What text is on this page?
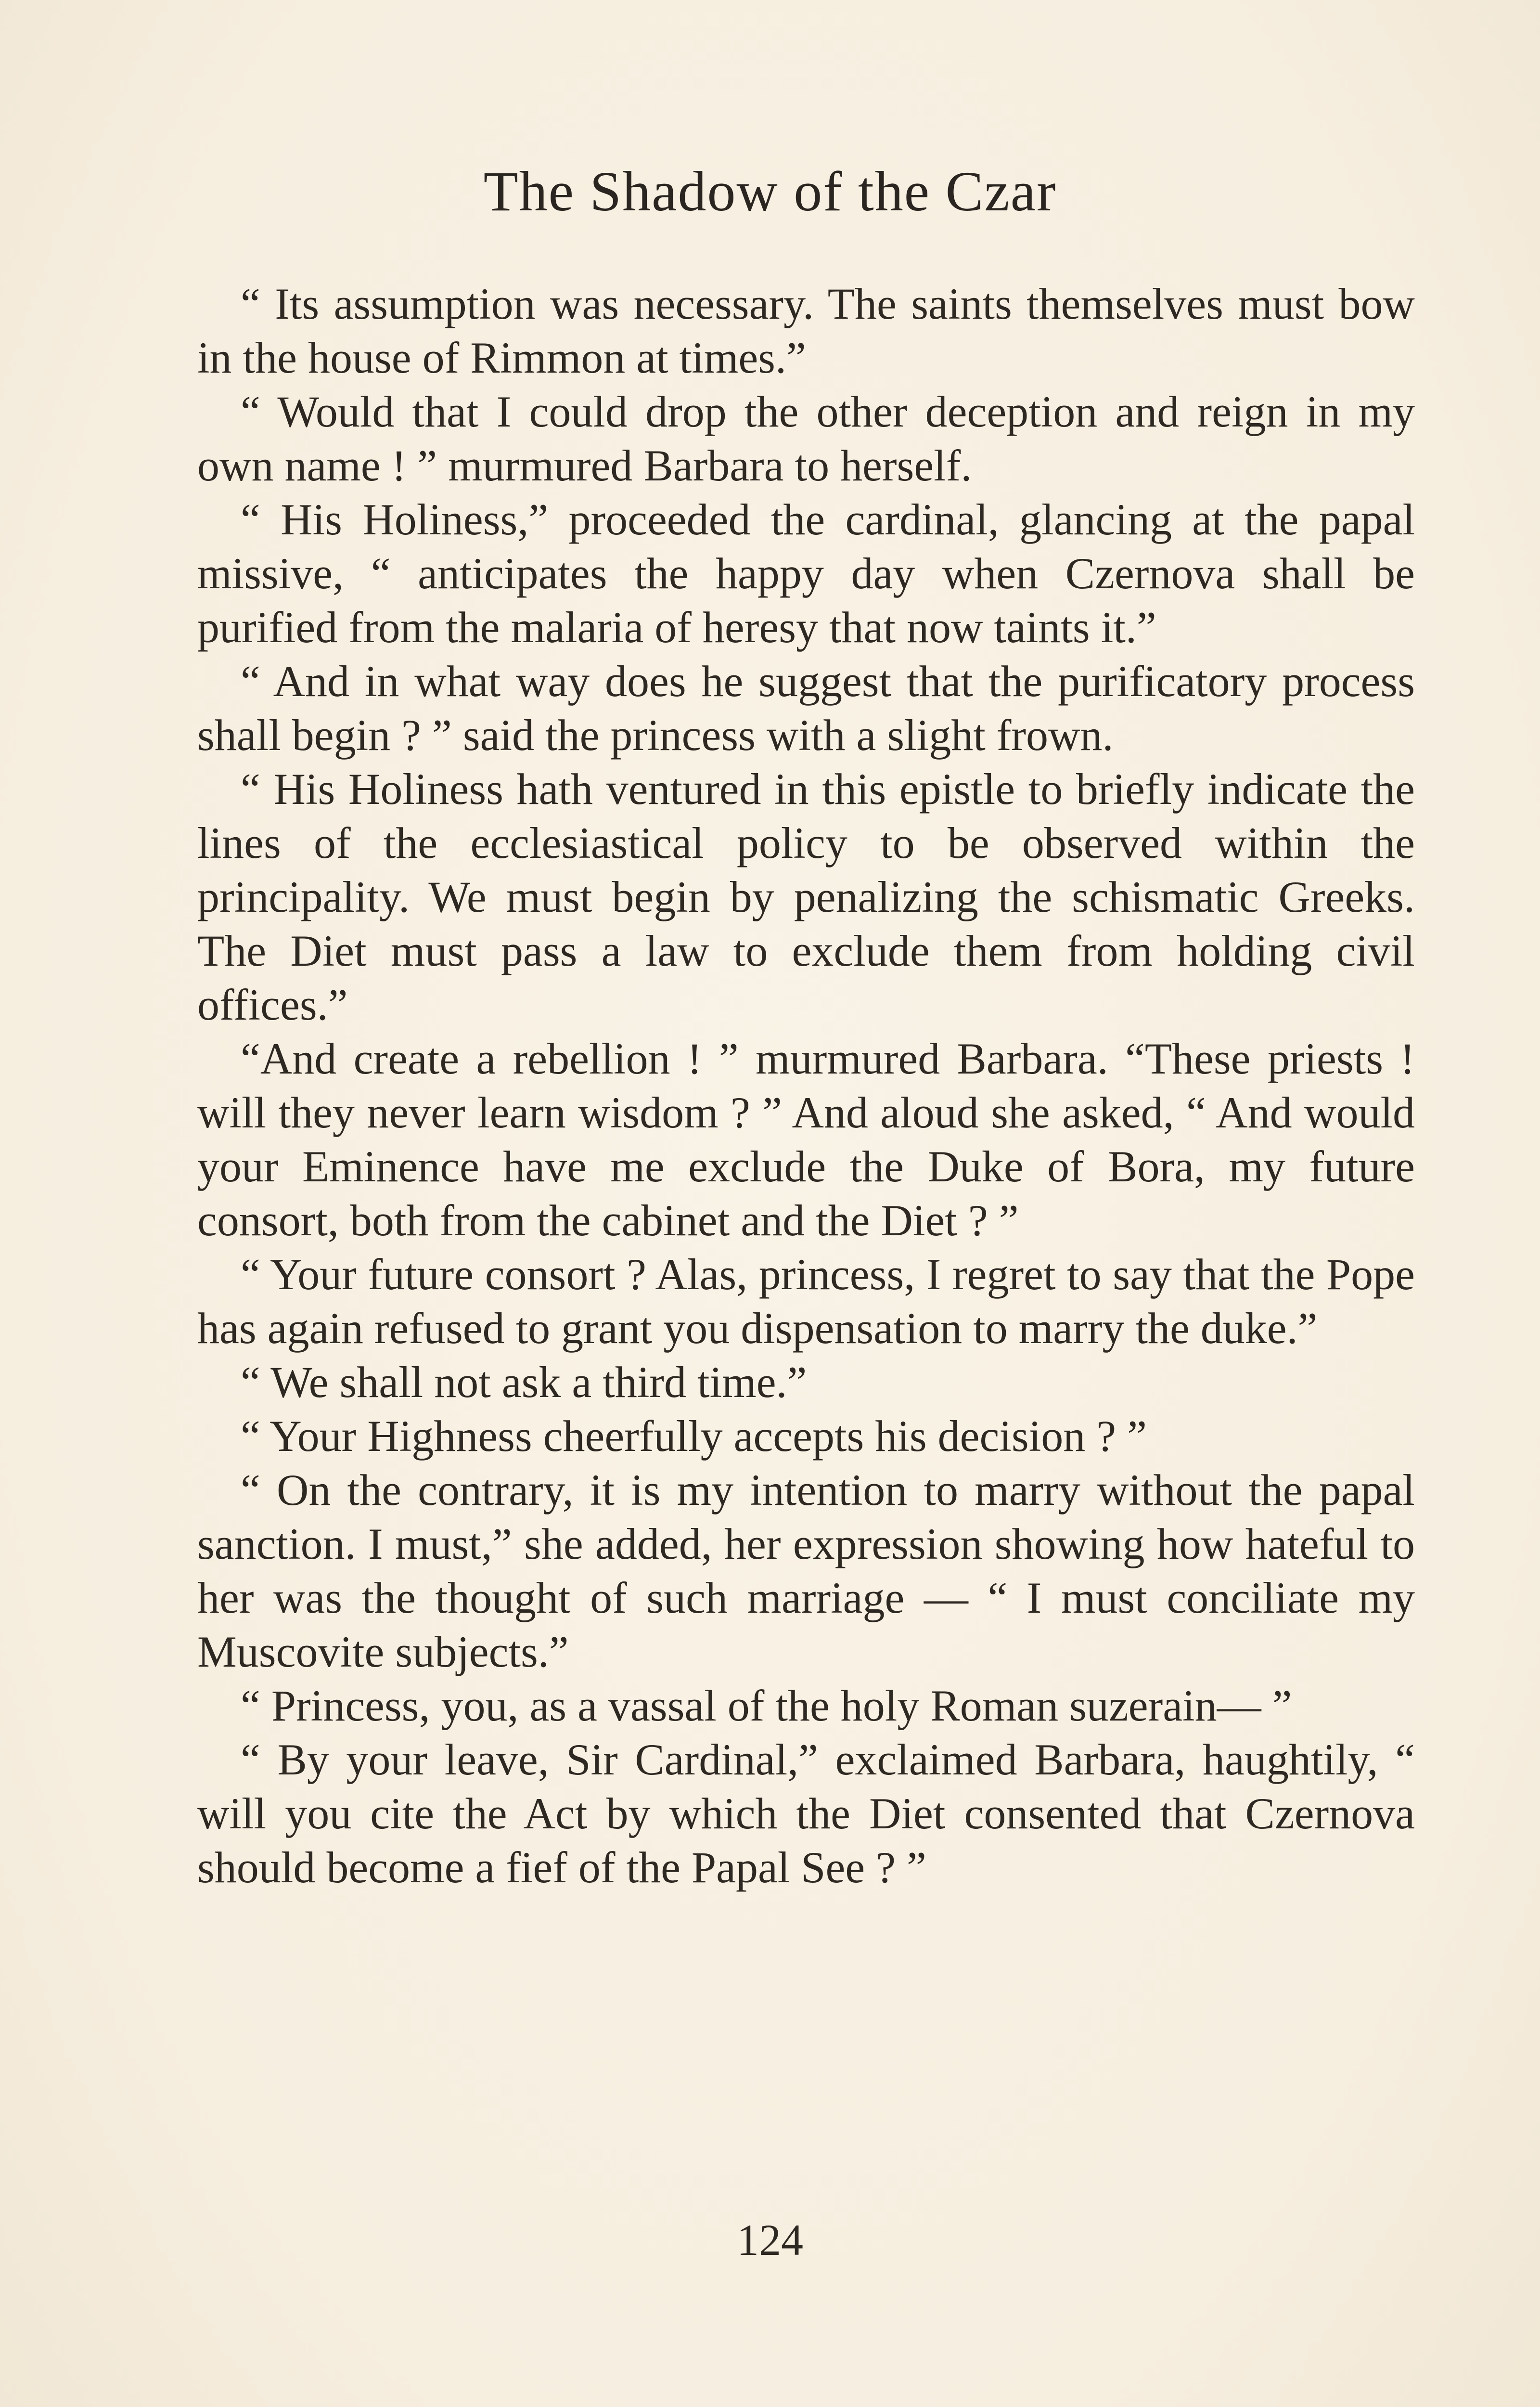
The Shadow of the Czar

“ Its assumption was necessary. The saints themselves must bow in the house of Rimmon at times.”

“ Would that I could drop the other deception and reign in my own name ! ” murmured Barbara to herself.

“ His Holiness,” proceeded the cardinal, glancing at the papal missive, “ anticipates the happy day when Czernova shall be purified from the malaria of heresy that now taints it.”

“ And in what way does he suggest that the purificatory process shall begin ? ” said the princess with a slight frown.

“ His Holiness hath ventured in this epistle to briefly indicate the lines of the ecclesiastical policy to be observed within the principality. We must begin by penalizing the schismatic Greeks. The Diet must pass a law to exclude them from holding civil offices.”

“And create a rebellion ! ” murmured Barbara. “These priests ! will they never learn wisdom ? ” And aloud she asked, “ And would your Eminence have me exclude the Duke of Bora, my future consort, both from the cabinet and the Diet ? ”

“ Your future consort ? Alas, princess, I regret to say that the Pope has again refused to grant you dispensation to marry the duke.”

“ We shall not ask a third time.”

“ Your Highness cheerfully accepts his decision ? ”

“ On the contrary, it is my intention to marry without the papal sanction. I must,” she added, her expression showing how hateful to her was the thought of such marriage — “ I must conciliate my Muscovite subjects.”

“ Princess, you, as a vassal of the holy Roman suzerain— ”

“ By your leave, Sir Cardinal,” exclaimed Barbara, haughtily, “ will you cite the Act by which the Diet consented that Czernova should become a fief of the Papal See ? ”

124
